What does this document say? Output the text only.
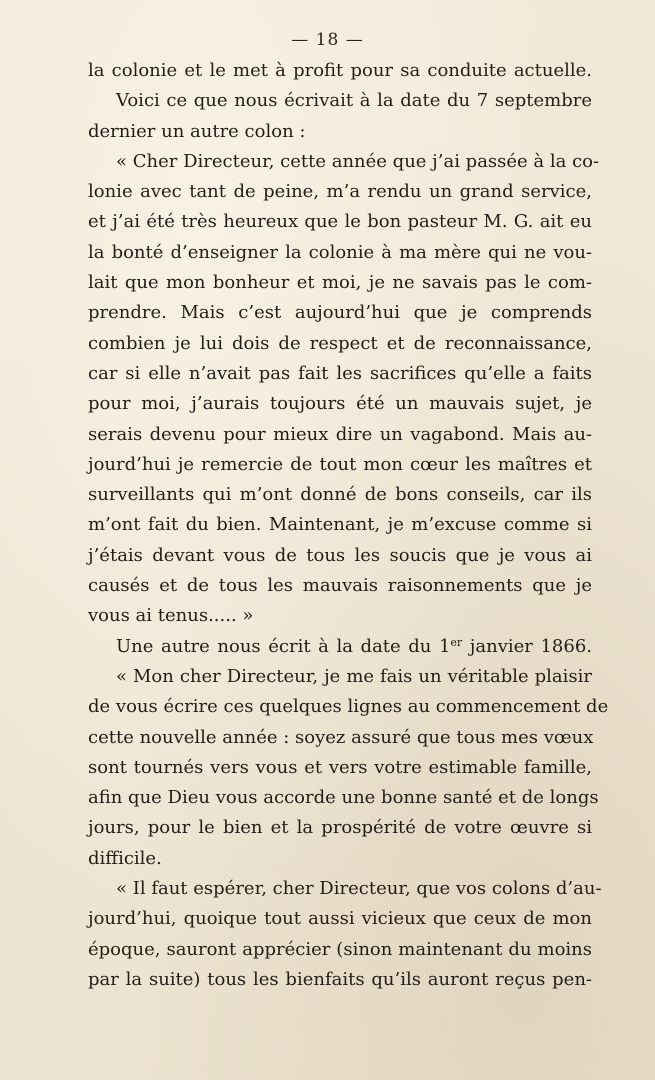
— 18 —
la colonie et le met à profit pour sa conduite actuelle.
Voici ce que nous écrivait à la date du 7 septembre
dernier un autre colon :
« Cher Directeur, cette année que j’ai passée à la co-
lonie avec tant de peine, m’a rendu un grand service,
et j’ai été très heureux que le bon pasteur M. G. ait eu
la bonté d’enseigner la colonie à ma mère qui ne vou-
lait que mon bonheur et moi, je ne savais pas le com-
prendre. Mais c’est aujourd’hui que je comprends
combien je lui dois de respect et de reconnaissance,
car si elle n’avait pas fait les sacrifices qu’elle a faits
pour moi, j’aurais toujours été un mauvais sujet, je
serais devenu pour mieux dire un vagabond. Mais au-
jourd’hui je remercie de tout mon cœur les maîtres et
surveillants qui m’ont donné de bons conseils, car ils
m’ont fait du bien. Maintenant, je m’excuse comme si
j’étais devant vous de tous les soucis que je vous ai
causés et de tous les mauvais raisonnements que je
vous ai tenus..... »
Une autre nous écrit à la date du 1er janvier 1866.
« Mon cher Directeur, je me fais un véritable plaisir
de vous écrire ces quelques lignes au commencement de
cette nouvelle année : soyez assuré que tous mes vœux
sont tournés vers vous et vers votre estimable famille,
afin que Dieu vous accorde une bonne santé et de longs
jours, pour le bien et la prospérité de votre œuvre si
difficile.
« Il faut espérer, cher Directeur, que vos colons d’au-
jourd’hui, quoique tout aussi vicieux que ceux de mon
époque, sauront apprécier (sinon maintenant du moins
par la suite) tous les bienfaits qu’ils auront reçus pen-
